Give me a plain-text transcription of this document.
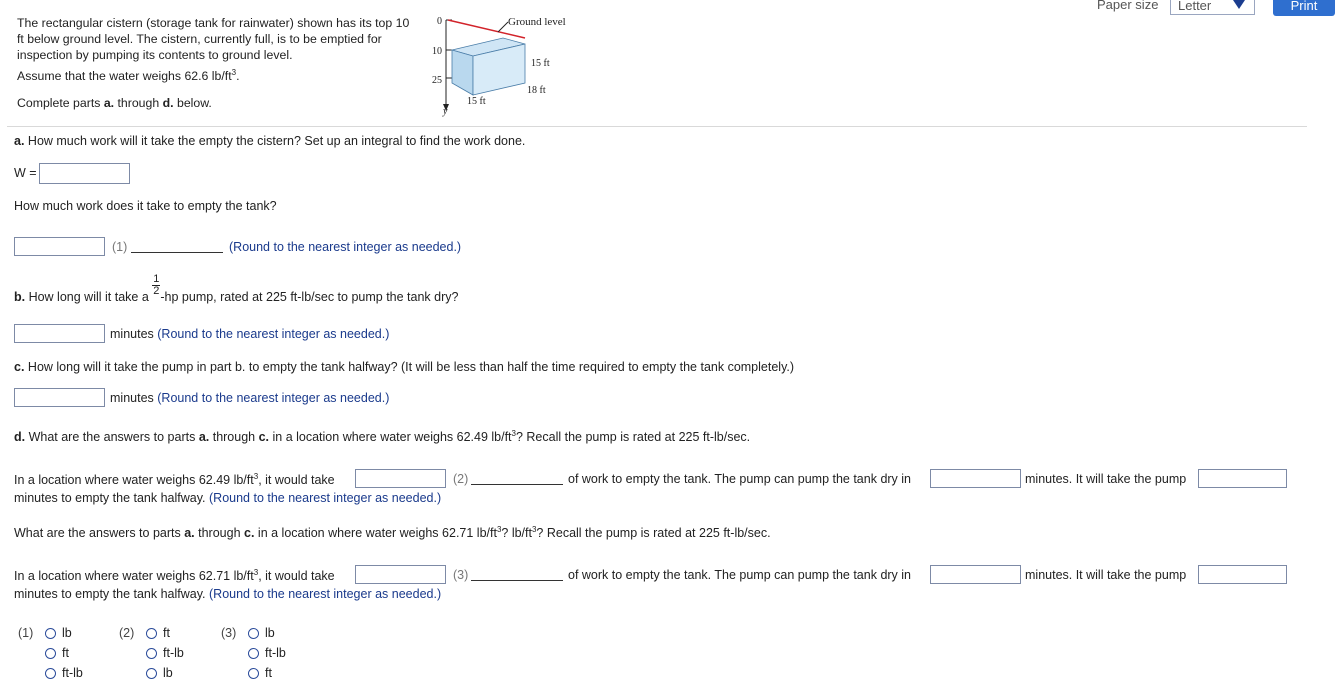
Paper size Letter	Print
The rectangular cistern (storage tank for rainwater) shown has its top 10 ft below ground level. The cistern, currently full, is to be emptied for inspection by pumping its contents to ground level.
Assume that the water weighs 62.6 $lb/ft^3$.
Complete parts a. through d. below.
Ground level
0
10
25
y
15 ft
18 ft
15 ft
a. How much work will it take the empty the cistern? Set up an integral to find the work done.
W =
How much work does it take to empty the tank?
(1)	(Round to the nearest integer as needed.)
b. How long will it take a $\frac{1}{2} -hp$ pump, rated at 225 ft-lb/sec to pump the tank dry?
minutes (Round to the nearest integer as needed.)
c. How long will it take the pump in part b. to empty the tank halfway? (It will be less than half the time required to empty the tank completely.)
minutes (Round to the nearest integer as needed.)
d. What are the answers to parts a. through c. in a location where water weighs 62.49 $lb/ft^3$? Recall the pump is rated at 225 ft-lb/sec.
In a location where water weighs 62.49 $lb/ft^3$, it would take	(2)	of work to empty the tank. The pump can pump the tank dry in	minutes. It will take the pump
minutes to empty the tank halfway. (Round to the nearest integer as needed.)
What are the answers to parts a. through c. in a location where water weighs 62.71 $lb/ft^3$? $lb/ft^3$? Recall the pump is rated at 225 ft-lb/sec.
In a location where water weighs 62.71 $lb/ft^3$, it would take	(3)	of work to empty the tank. The pump can pump the tank dry in	minutes. It will take the pump
minutes to empty the tank halfway. (Round to the nearest integer as needed.)
(1) lb
ft
ft-lb
(2) ft
ft-lb
lb
(3) lb
ft-lb
ft
